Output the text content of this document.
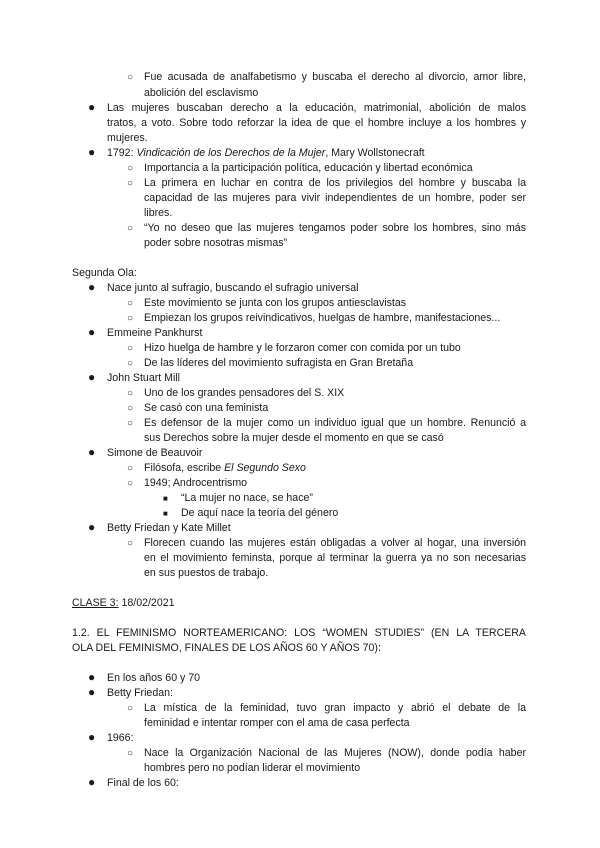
○ Fue acusada de analfabetismo y buscaba el derecho al divorcio, amor libre,
abolición del esclavismo
● Las mujeres buscaban derecho a la educación, matrimonial, abolición de malos
tratos, a voto. Sobre todo reforzar la idea de que el hombre incluye a los hombres y
mujeres.
● 1792: Vindicación de los Derechos de la Mujer, Mary Wollstonecraft
○ Importancia a la participación política, educación y libertad económica
○ La primera en luchar en contra de los privilegios del hombre y buscaba la
capacidad de las mujeres para vivir independientes de un hombre, poder ser
libres.
○ “Yo no deseo que las mujeres tengamos poder sobre los hombres, sino más
poder sobre nosotras mismas”
Segunda Ola:
● Nace junto al sufragio, buscando el sufragio universal
○ Este movimiento se junta con los grupos antiesclavistas
○ Empiezan los grupos reivindicativos, huelgas de hambre, manifestaciones...
● Emmeine Pankhurst
○ Hizo huelga de hambre y le forzaron comer con comida por un tubo
○ De las líderes del movimiento sufragista en Gran Bretaña
● John Stuart Mill
○ Uno de los grandes pensadores del S. XIX
○ Se casó con una feminista
○ Es defensor de la mujer como un individuo igual que un hombre. Renunció a
sus Derechos sobre la mujer desde el momento en que se casó
● Simone de Beauvoir
○ Filósofa, escribe El Segundo Sexo
○ 1949; Androcentrismo
■ “La mujer no nace, se hace”
■ De aquí nace la teoría del género
● Betty Friedan y Kate Millet
○ Florecen cuando las mujeres están obligadas a volver al hogar, una inversión
en el movimiento feminsta, porque al terminar la guerra ya no son necesarias
en sus puestos de trabajo.
CLASE 3: 18/02/2021
1.2. EL FEMINISMO NORTEAMERICANO: LOS “WOMEN STUDIES” (EN LA TERCERA
OLA DEL FEMINISMO, FINALES DE LOS AÑOS 60 Y AÑOS 70):
● En los años 60 y 70
● Betty Friedan:
○ La mística de la feminidad, tuvo gran impacto y abrió el debate de la
feminidad e intentar romper con el ama de casa perfecta
● 1966:
○ Nace la Organización Nacional de las Mujeres (NOW), donde podía haber
hombres pero no podían liderar el movimiento
● Final de los 60:
